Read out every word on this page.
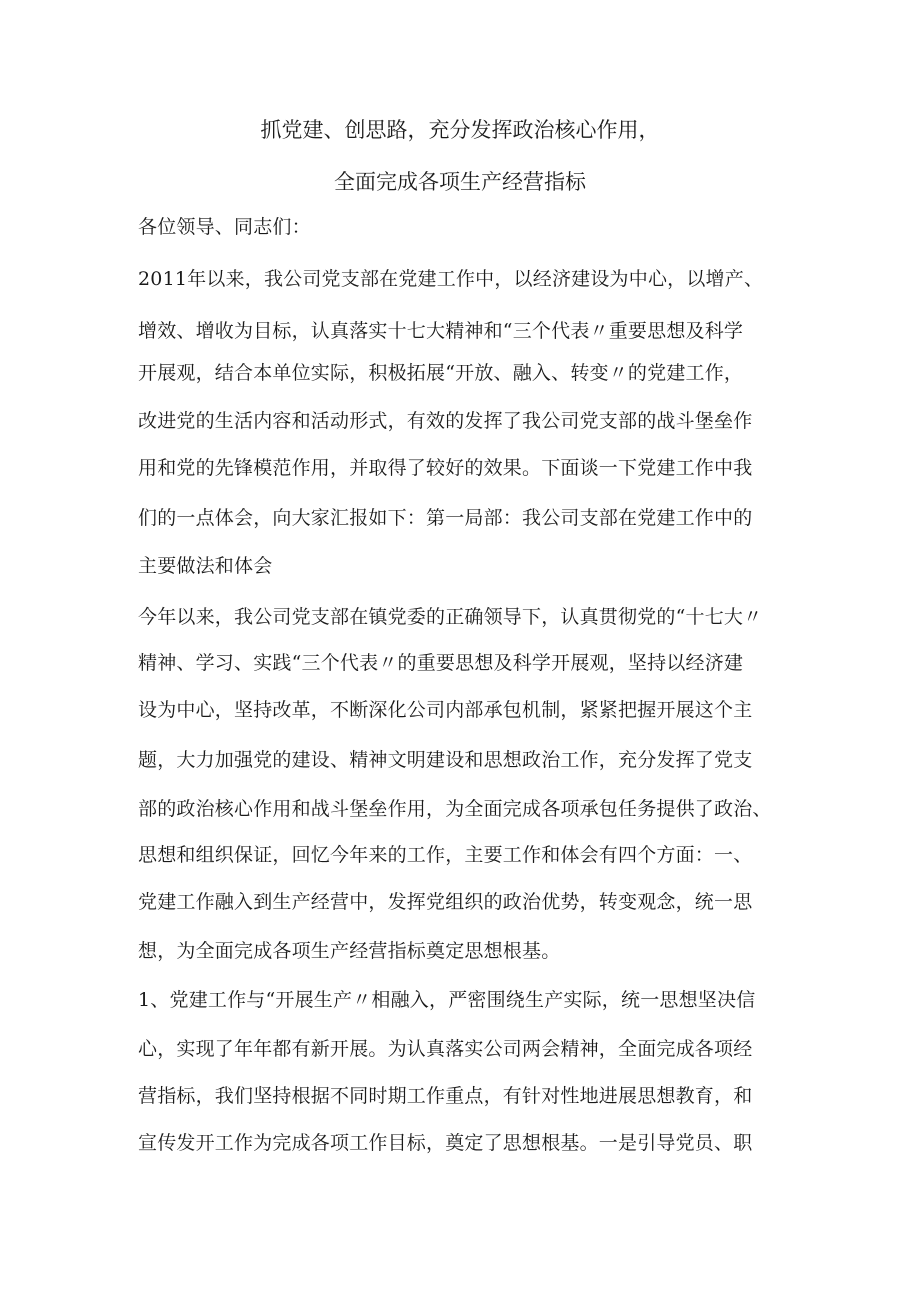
抓党建、创思路，充分发挥政治核心作用，
全面完成各项生产经营指标
各位领导、同志们：
2011年以来，我公司党支部在党建工作中，以经济建设为中心，以增产、
增效、增收为目标，认真落实十七大精神和“三个代表〃重要思想及科学
开展观，结合本单位实际，积极拓展“开放、融入、转变〃的党建工作，
改进党的生活内容和活动形式，有效的发挥了我公司党支部的战斗堡垒作
用和党的先锋模范作用，并取得了较好的效果。下面谈一下党建工作中我
们的一点体会，向大家汇报如下：第一局部：我公司支部在党建工作中的
主要做法和体会
今年以来，我公司党支部在镇党委的正确领导下，认真贯彻党的“十七大〃
精神、学习、实践“三个代表〃的重要思想及科学开展观，坚持以经济建
设为中心，坚持改革，不断深化公司内部承包机制，紧紧把握开展这个主
题，大力加强党的建设、精神文明建设和思想政治工作，充分发挥了党支
部的政治核心作用和战斗堡垒作用，为全面完成各项承包任务提供了政治、
思想和组织保证，回忆今年来的工作，主要工作和体会有四个方面：一、
党建工作融入到生产经营中，发挥党组织的政治优势，转变观念，统一思
想，为全面完成各项生产经营指标奠定思想根基。
1、党建工作与“开展生产〃相融入，严密围绕生产实际，统一思想坚决信
心，实现了年年都有新开展。为认真落实公司两会精神，全面完成各项经
营指标，我们坚持根据不同时期工作重点，有针对性地进展思想教育，和
宣传发开工作为完成各项工作目标，奠定了思想根基。一是引导党员、职
